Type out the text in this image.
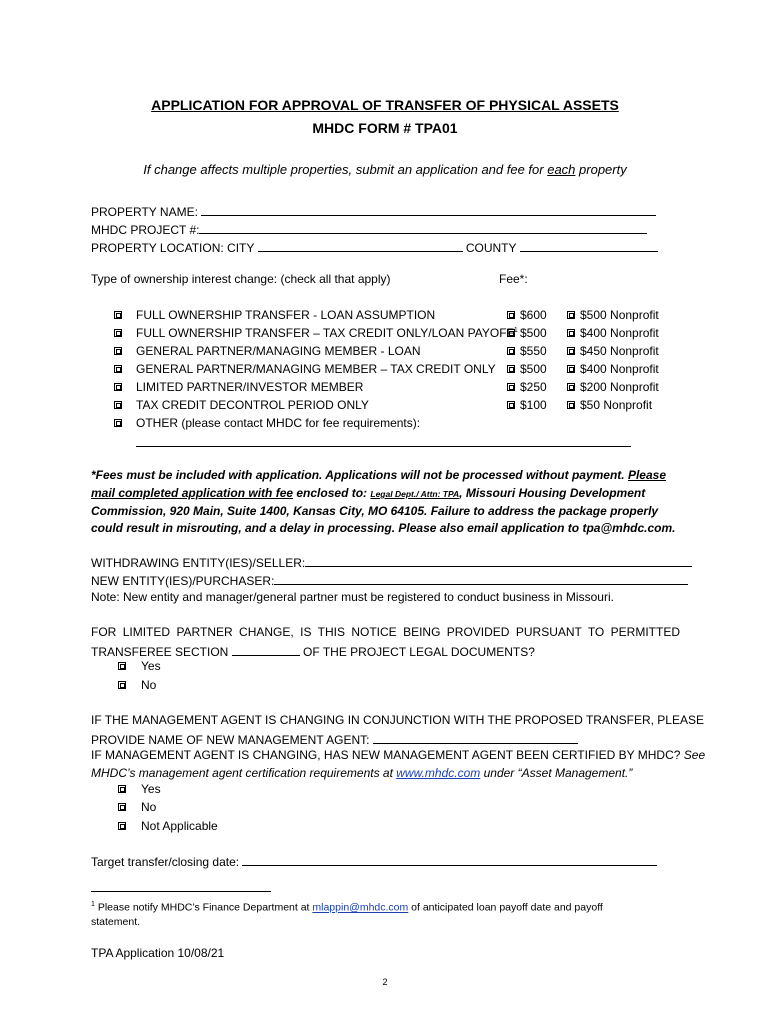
APPLICATION FOR APPROVAL OF TRANSFER OF PHYSICAL ASSETS
MHDC FORM # TPA01
If change affects multiple properties, submit an application and fee for each property
PROPERTY NAME:
MHDC PROJECT #:
PROPERTY LOCATION: CITY	COUNTY
Type of ownership interest change: (check all that apply)	Fee*:
FULL OWNERSHIP TRANSFER - LOAN ASSUMPTION	$600	$500 Nonprofit
FULL OWNERSHIP TRANSFER – TAX CREDIT ONLY/LOAN PAYOFF$^1$ $500	$400 Nonprofit
GENERAL PARTNER/MANAGING MEMBER - LOAN	$550	$450 Nonprofit
GENERAL PARTNER/MANAGING MEMBER – TAX CREDIT ONLY $500	$400 Nonprofit
LIMITED PARTNER/INVESTOR MEMBER	$250	$200 Nonprofit
TAX CREDIT DECONTROL PERIOD ONLY	$100	$50 Nonprofit
OTHER (please contact MHDC for fee requirements):
*Fees must be included with application. Applications will not be processed without payment. Please
mail completed application with fee enclosed to: Legal Dept./ Attn: TPA, Missouri Housing Development
Commission, 920 Main, Suite 1400, Kansas City, MO 64105. Failure to address the package properly
could result in misrouting, and a delay in processing. Please also email application to tpa@mhdc.com.
WITHDRAWING ENTITY(IES)/SELLER:
NEW ENTITY(IES)/PURCHASER:
Note: New entity and manager/general partner must be registered to conduct business in Missouri.
FOR LIMITED PARTNER CHANGE, IS THIS NOTICE BEING PROVIDED PURSUANT TO PERMITTED
TRANSFEREE SECTION	OF THE PROJECT LEGAL DOCUMENTS?
Yes
No
IF THE MANAGEMENT AGENT IS CHANGING IN CONJUNCTION WITH THE PROPOSED TRANSFER, PLEASE
PROVIDE NAME OF NEW MANAGEMENT AGENT:
IF MANAGEMENT AGENT IS CHANGING, HAS NEW MANAGEMENT AGENT BEEN CERTIFIED BY MHDC? See
MHDC’s management agent certification requirements at www.mhdc.com under “Asset Management.”
Yes
No
Not Applicable
Target transfer/closing date:
$^1$ Please notify MHDC’s Finance Department at mlappin@mhdc.com of anticipated loan payoff date and payoff
statement.
TPA Application 10/08/21
2
